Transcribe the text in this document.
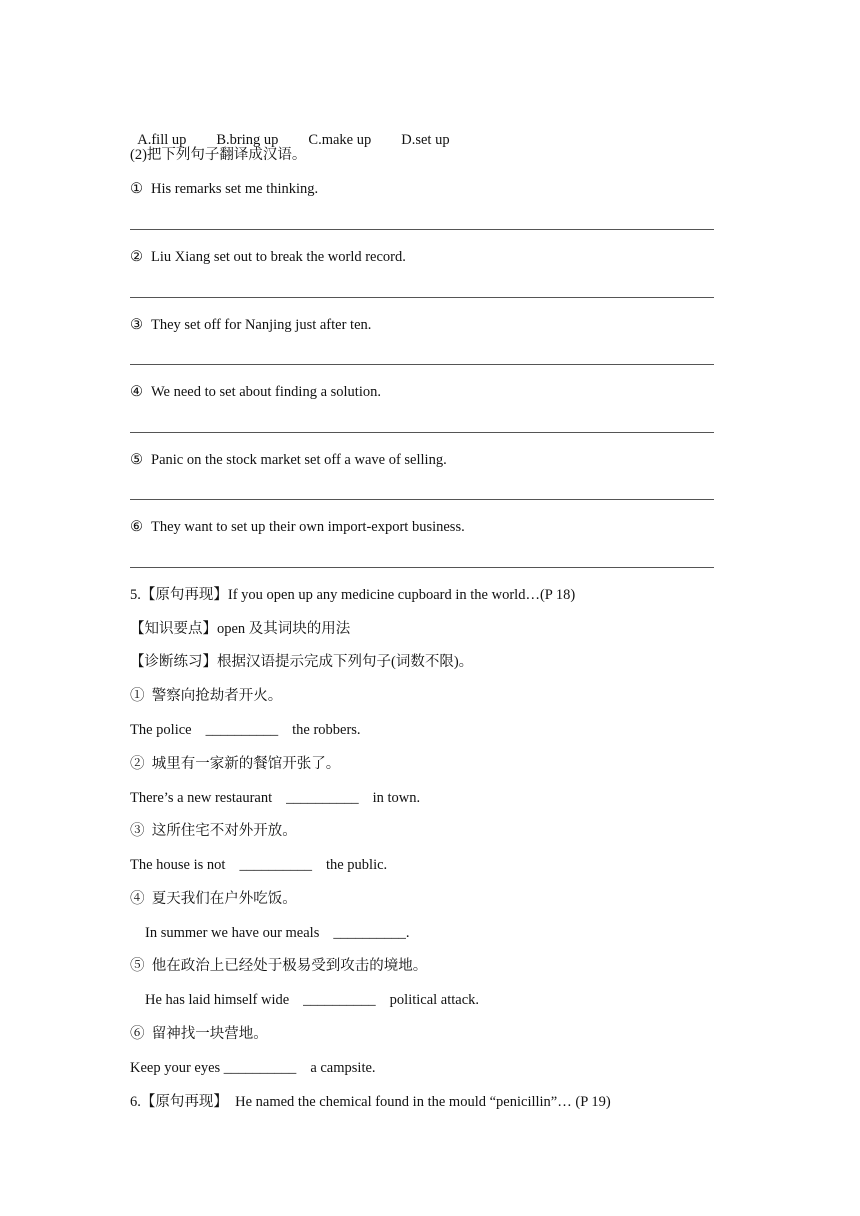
A.fill up B.bring up C.make up D.set up

(2)把下列句子翻译成汉语。
① His remarks set me thinking.
② Liu Xiang set out to break the world record.
③ They set off for Nanjing just after ten.
④ We need to set about finding a solution.
⑤ Panic on the stock market set off a wave of selling.
⑥ They want to set up their own import-export business.
5.【原句再现】If you open up any medicine cupboard in the world…(P 18)
【知识要点】open 及其词块的用法
【诊断练习】根据汉语提示完成下列句子(词数不限)。
①  警察向抢劫者开火。
The police __________ the robbers.
②  城里有一家新的餐馆开张了。
There’s a new restaurant __________ in town.
③  这所住宅不对外开放。
The house is not __________ the public.
④  夏天我们在户外吃饭。
In summer we have our meals __________.
⑤  他在政治上已经处于极易受到攻击的境地。
He has laid himself wide __________ political attack.
⑥  留神找一块营地。
Keep your eyes __________ a campsite.
6.【原句再现】  He named the chemical found in the mould “penicillin”… (P 19)
